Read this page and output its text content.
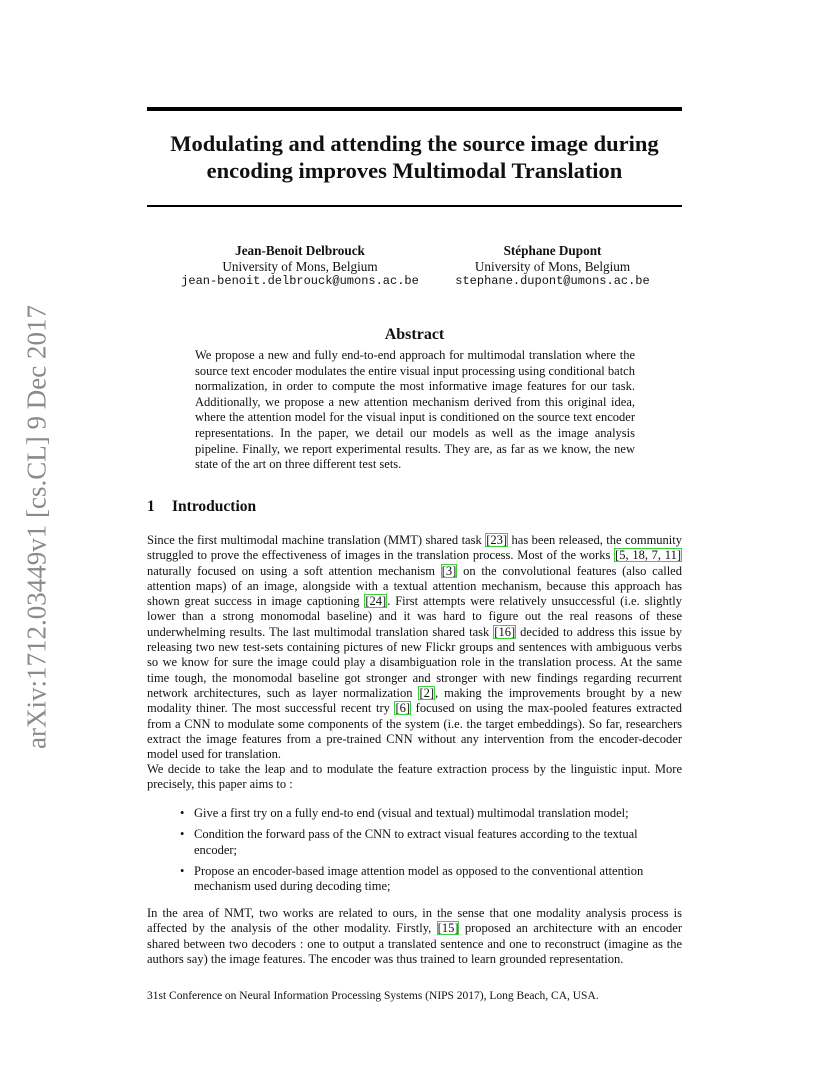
Modulating and attending the source image during encoding improves Multimodal Translation
Jean-Benoit Delbrouck
University of Mons, Belgium
jean-benoit.delbrouck@umons.ac.be
Stéphane Dupont
University of Mons, Belgium
stephane.dupont@umons.ac.be
arXiv:1712.03449v1 [cs.CL] 9 Dec 2017	Abstract

We propose a new and fully end-to-end approach for multimodal translation where the source text encoder modulates the entire visual input processing using conditional batch normalization, in order to compute the most informative image features for our task. Additionally, we propose a new attention mechanism derived from this original idea, where the attention model for the visual input is conditioned on the source text encoder representations. In the paper, we detail our models as well as the image analysis pipeline. Finally, we report experimental results. They are, as far as we know, the new state of the art on three different test sets.

1 Introduction

Since the first multimodal machine translation (MMT) shared task [23] has been released, the community struggled to prove the effectiveness of images in the translation process. Most of the works [5, 18, 7, 11] naturally focused on using a soft attention mechanism [3] on the convolutional features (also called attention maps) of an image, alongside with a textual attention mechanism, because this approach has shown great success in image captioning [24]. First attempts were relatively unsuccessful (i.e. slightly lower than a strong monomodal baseline) and it was hard to figure out the real reasons of these underwhelming results. The last multimodal translation shared task [16] decided to address this issue by releasing two new test-sets containing pictures of new Flickr groups and sentences with ambiguous verbs so we know for sure the image could play a disambiguation role in the translation process. At the same time tough, the monomodal baseline got stronger and stronger with new findings regarding recurrent network architectures, such as layer normalization [2], making the improvements brought by a new modality thiner. The most successful recent try [6] focused on using the max-pooled features extracted from a CNN to modulate some components of the system (i.e. the target embeddings). So far, researchers extract the image features from a pre-trained CNN without any intervention from the encoder-decoder model used for translation.

We decide to take the leap and to modulate the feature extraction process by the linguistic input. More precisely, this paper aims to :

• Give a first try on a fully end-to end (visual and textual) multimodal translation model;
• Condition the forward pass of the CNN to extract visual features according to the textual encoder;
• Propose an encoder-based image attention model as opposed to the conventional attention mechanism used during decoding time;

In the area of NMT, two works are related to ours, in the sense that one modality analysis process is affected by the analysis of the other modality. Firstly, [15] proposed an architecture with an encoder shared between two decoders : one to output a translated sentence and one to reconstruct (imagine as the authors say) the image features. The encoder was thus trained to learn grounded representation.

31st Conference on Neural Information Processing Systems (NIPS 2017), Long Beach, CA, USA.
